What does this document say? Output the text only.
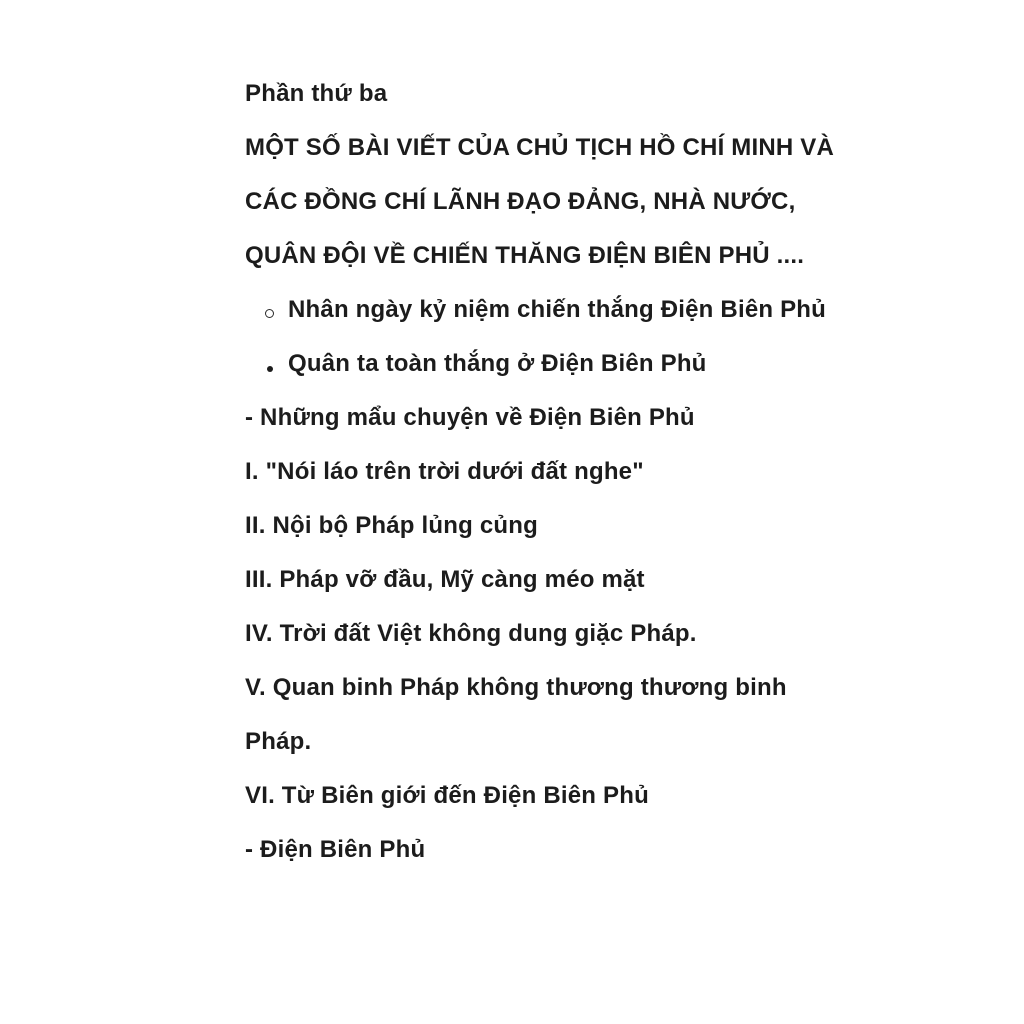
Phần thứ ba
MỘT SỐ BÀI VIẾT CỦA CHỦ TỊCH HỒ CHÍ MINH VÀ
CÁC ĐỒNG CHÍ LÃNH ĐẠO ĐẢNG, NHÀ NƯỚC,
QUÂN ĐỘI VỀ CHIẾN THĂNG ĐIỆN BIÊN PHỦ ....
Nhân ngày kỷ niệm chiến thắng Điện Biên Phủ
Quân ta toàn thắng ở Điện Biên Phủ
- Những mẩu chuyện về Điện Biên Phủ
I. "Nói láo trên trời dưới đất nghe"
II. Nội bộ Pháp lủng củng
III. Pháp vỡ đầu, Mỹ càng méo mặt
IV. Trời đất Việt không dung giặc Pháp.
V. Quan binh Pháp không thương thương binh
Pháp.
VI. Từ Biên giới đến Điện Biên Phủ
- Điện Biên Phủ
